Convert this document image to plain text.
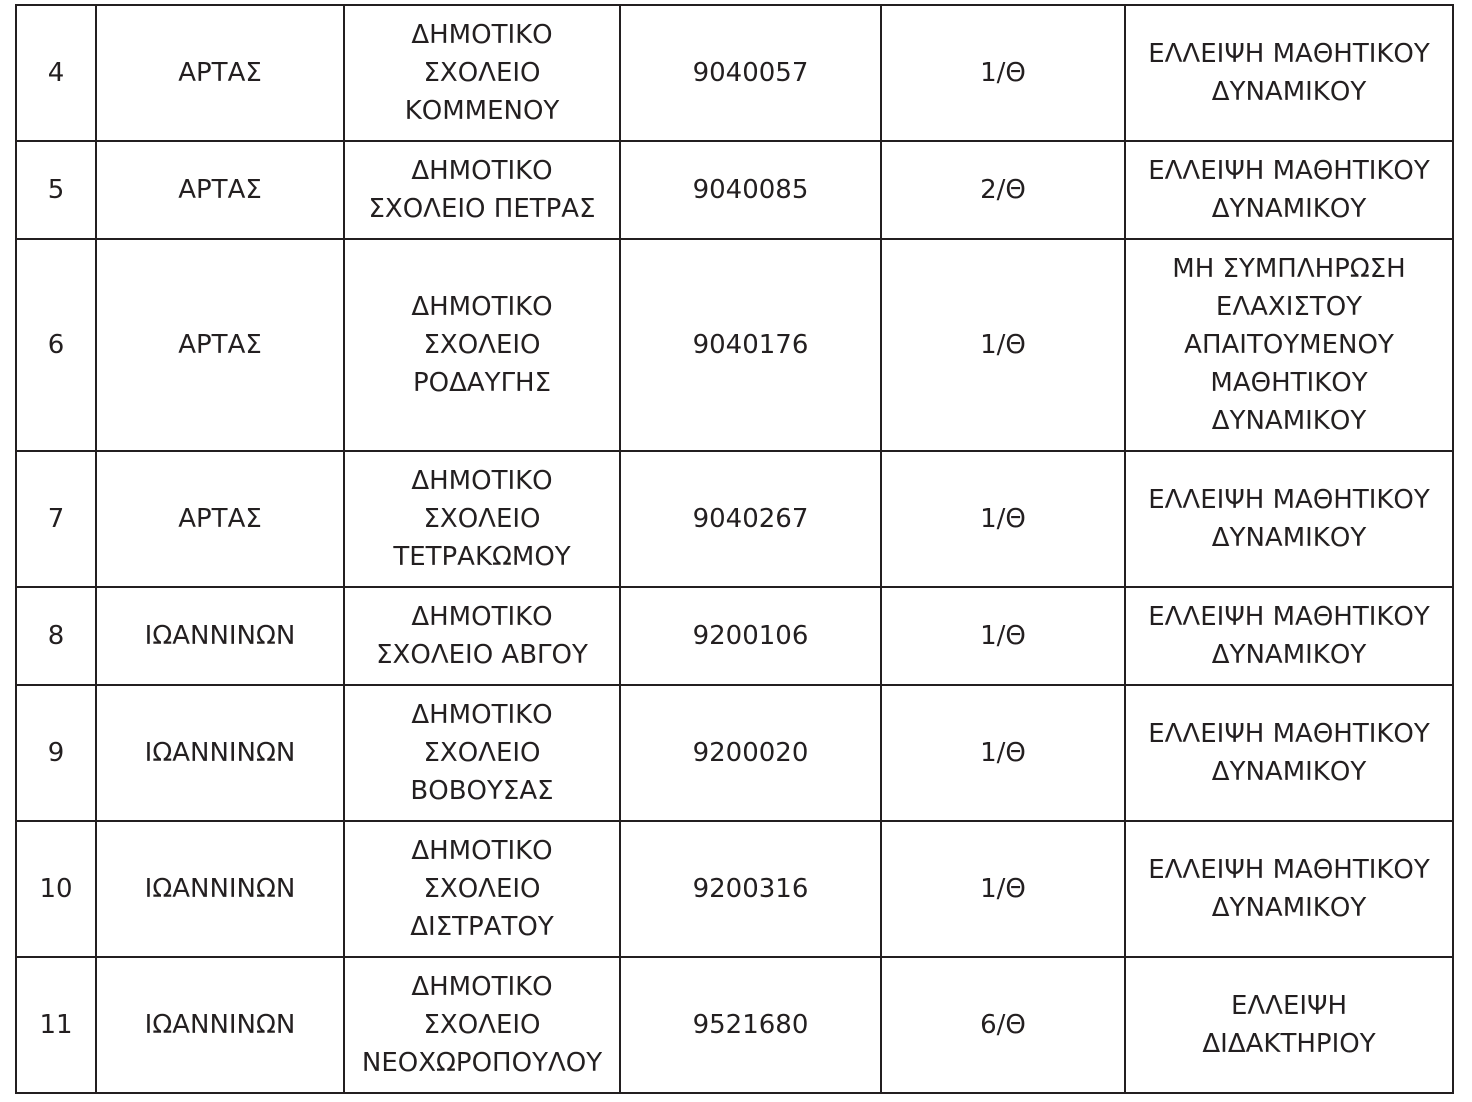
4	ΑΡΤΑΣ	ΔΗΜΟΤΙΚΟ
ΣΧΟΛΕΙΟ
ΚΟΜΜΕΝΟΥ	9040057	1/Θ	ΕΛΛΕΙΨΗ ΜΑΘΗΤΙΚΟΥ
ΔΥΝΑΜΙΚΟΥ

5	ΑΡΤΑΣ	ΔΗΜΟΤΙΚΟ
ΣΧΟΛΕΙΟ ΠΕΤΡΑΣ	9040085	2/Θ	ΕΛΛΕΙΨΗ ΜΑΘΗΤΙΚΟΥ
ΔΥΝΑΜΙΚΟΥ

6	ΑΡΤΑΣ	ΔΗΜΟΤΙΚΟ
ΣΧΟΛΕΙΟ
ΡΟΔΑΥΓΗΣ	9040176	1/Θ	ΜΗ ΣΥΜΠΛΗΡΩΣΗ
ΕΛΑΧΙΣΤΟΥ
ΑΠΑΙΤΟΥΜΕΝΟΥ
ΜΑΘΗΤΙΚΟΥ
ΔΥΝΑΜΙΚΟΥ

7	ΑΡΤΑΣ	ΔΗΜΟΤΙΚΟ
ΣΧΟΛΕΙΟ
ΤΕΤΡΑΚΩΜΟΥ	9040267	1/Θ	ΕΛΛΕΙΨΗ ΜΑΘΗΤΙΚΟΥ
ΔΥΝΑΜΙΚΟΥ

8	ΙΩΑΝΝΙΝΩΝ	ΔΗΜΟΤΙΚΟ
ΣΧΟΛΕΙΟ ΑΒΓΟΥ	9200106	1/Θ	ΕΛΛΕΙΨΗ ΜΑΘΗΤΙΚΟΥ
ΔΥΝΑΜΙΚΟΥ

9	ΙΩΑΝΝΙΝΩΝ	ΔΗΜΟΤΙΚΟ
ΣΧΟΛΕΙΟ
ΒΟΒΟΥΣΑΣ	9200020	1/Θ	ΕΛΛΕΙΨΗ ΜΑΘΗΤΙΚΟΥ
ΔΥΝΑΜΙΚΟΥ

10	ΙΩΑΝΝΙΝΩΝ	ΔΗΜΟΤΙΚΟ
ΣΧΟΛΕΙΟ
ΔΙΣΤΡΑΤΟΥ	9200316	1/Θ	ΕΛΛΕΙΨΗ ΜΑΘΗΤΙΚΟΥ
ΔΥΝΑΜΙΚΟΥ

11	ΙΩΑΝΝΙΝΩΝ	ΔΗΜΟΤΙΚΟ
ΣΧΟΛΕΙΟ
ΝΕΟΧΩΡΟΠΟΥΛΟΥ	9521680	6/Θ	ΕΛΛΕΙΨΗ
ΔΙΔΑΚΤΗΡΙΟΥ
